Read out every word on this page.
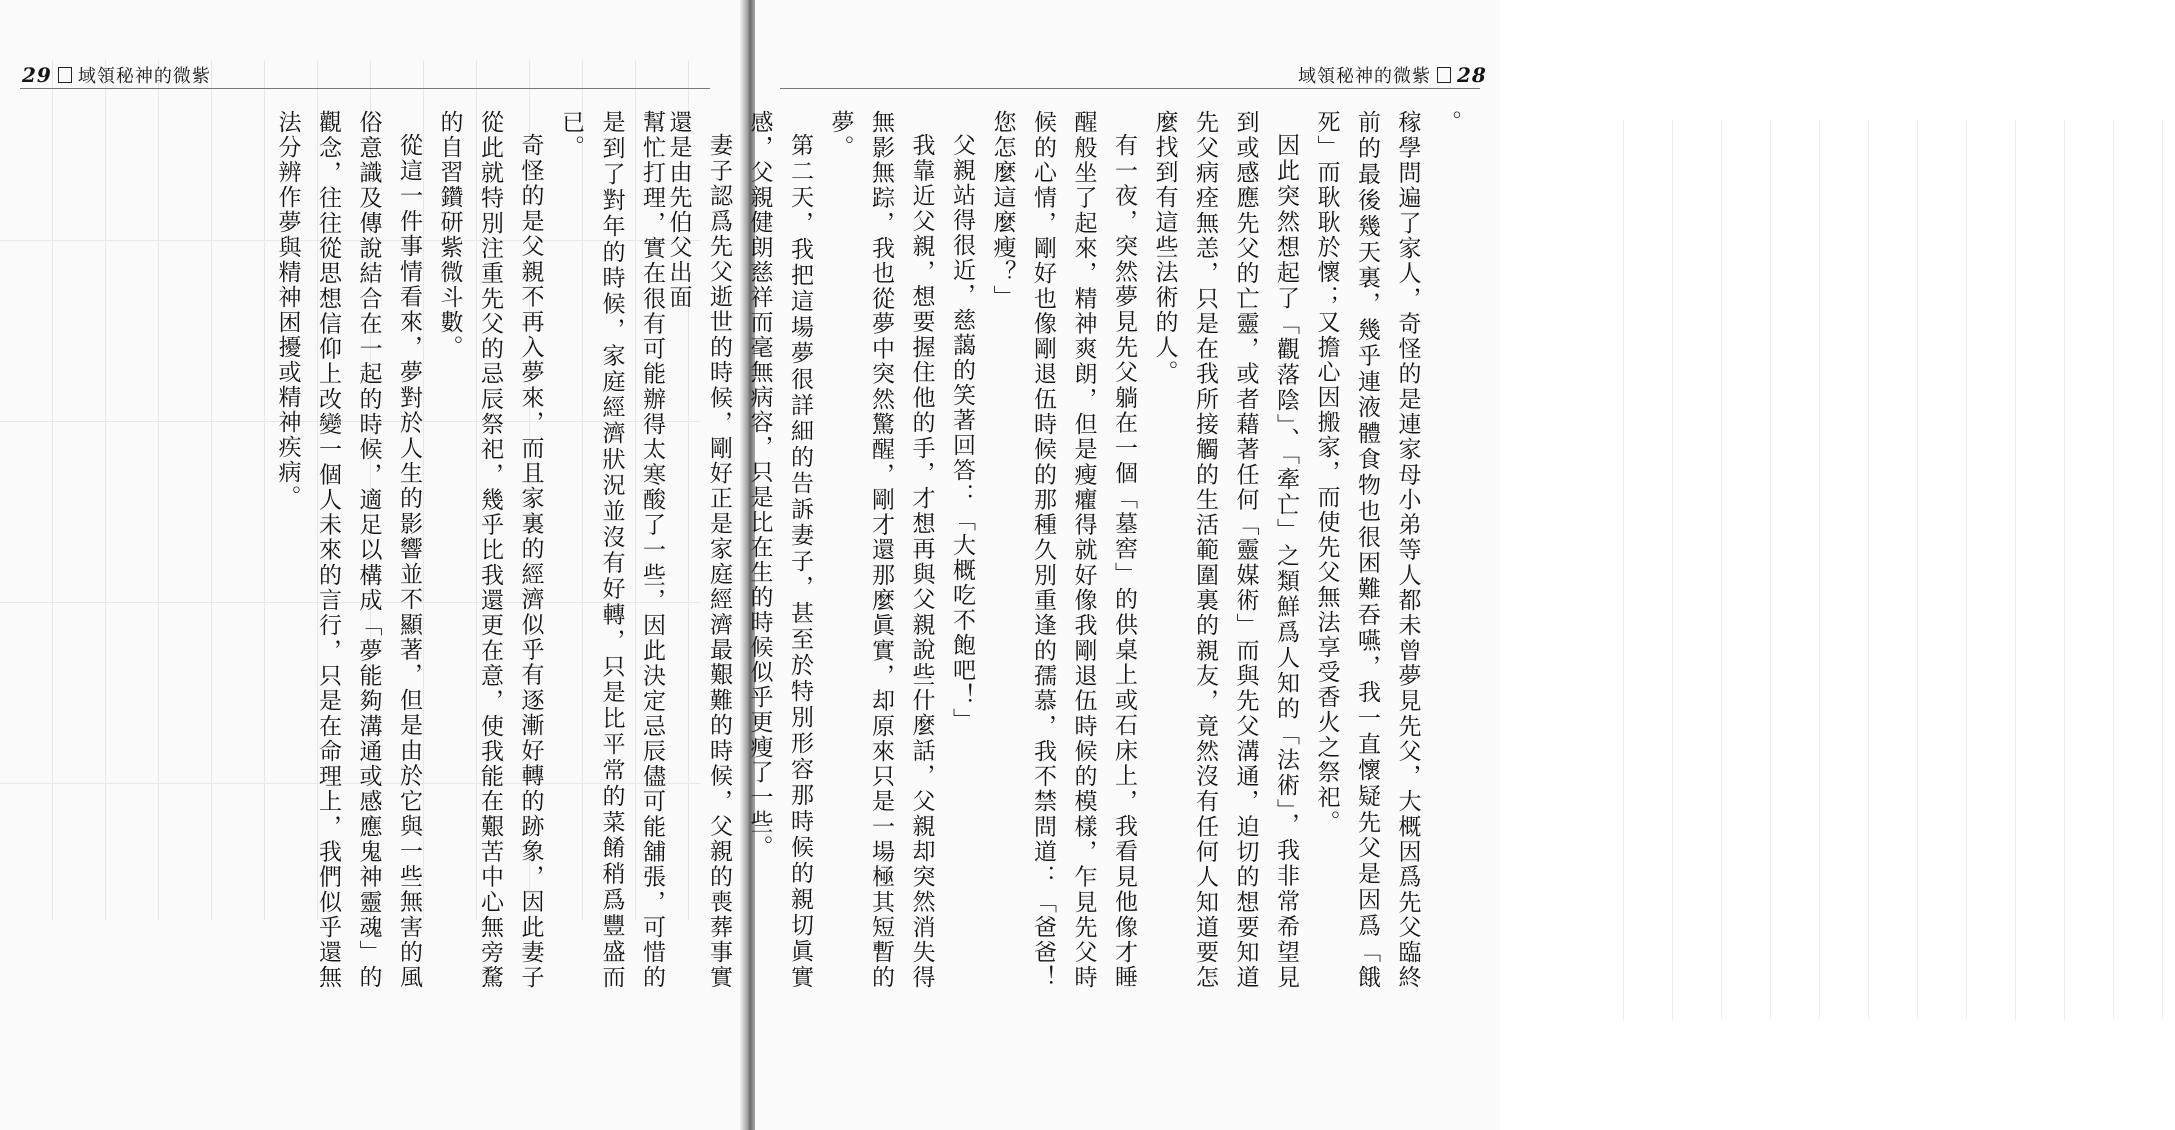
29 域領秘神的微紫

幫忙打理，實在很有可能辦得太寒酸了一些，因此決定忌辰儘可能舖張，可惜的是到了對年的時候，家庭經濟狀況並沒有好轉，只是比平常的菜餚稍爲豐盛而已。

奇怪的是父親不再入夢來，而且家裏的經濟似乎有逐漸好轉的跡象，因此妻子從此就特別注重先父的忌辰祭祀，幾乎比我還更在意，使我能在艱苦中心無旁騖的自習鑽研紫微斗數。

從這一件事情看來，夢對於人生的影響並不顯著，但是由於它與一些無害的風俗意識及傳說結合在一起的時候，適足以構成「夢能夠溝通或感應鬼神靈魂」的觀念，往往從思想信仰上改變一個人未來的言行，只是在命理上，我們似乎還無法分辨作夢與精神困擾或精神疾病。

域領秘神的微紫 28

。

稼學問遍了家人，奇怪的是連家母小弟等人都未曾夢見先父，大概因爲先父臨終前的最後幾天裏，幾乎連液體食物也很困難吞嚥，我一直懷疑先父是因爲「餓死」而耿耿於懷；又擔心因搬家，而使先父無法享受香火之祭祀。

因此突然想起了「觀落陰」、「牽亡」之類鮮爲人知的「法術」，我非常希望見到或感應先父的亡靈，或者藉著任何「靈媒術」而與先父溝通，迫切的想要知道先父病痊無恙，只是在我所接觸的生活範圍裏的親友，竟然沒有任何人知道要怎麼找到有這些法術的人。

有一夜，突然夢見先父躺在一個「墓窖」的供桌上或石床上，我看見他像才睡醒般坐了起來，精神爽朗，但是瘦癯得就好像我剛退伍時候的模樣，乍見先父時候的心情，剛好也像剛退伍時候的那種久別重逢的孺慕，我不禁問道：「爸爸！您怎麼這麼瘦？」

父親站得很近，慈藹的笑著回答：「大概吃不飽吧！」

我靠近父親，想要握住他的手，才想再與父親說些什麼話，父親却突然消失得無影無踪，我也從夢中突然驚醒，剛才還那麼眞實，却原來只是一場極其短暫的夢。

第二天，我把這場夢很詳細的告訴妻子，甚至於特別形容那時候的親切眞實感，父親健朗慈祥而毫無病容，只是比在生的時候似乎更瘦了一些。

妻子認爲先父逝世的時候，剛好正是家庭經濟最艱難的時候，父親的喪葬事實還是由先伯父出面
